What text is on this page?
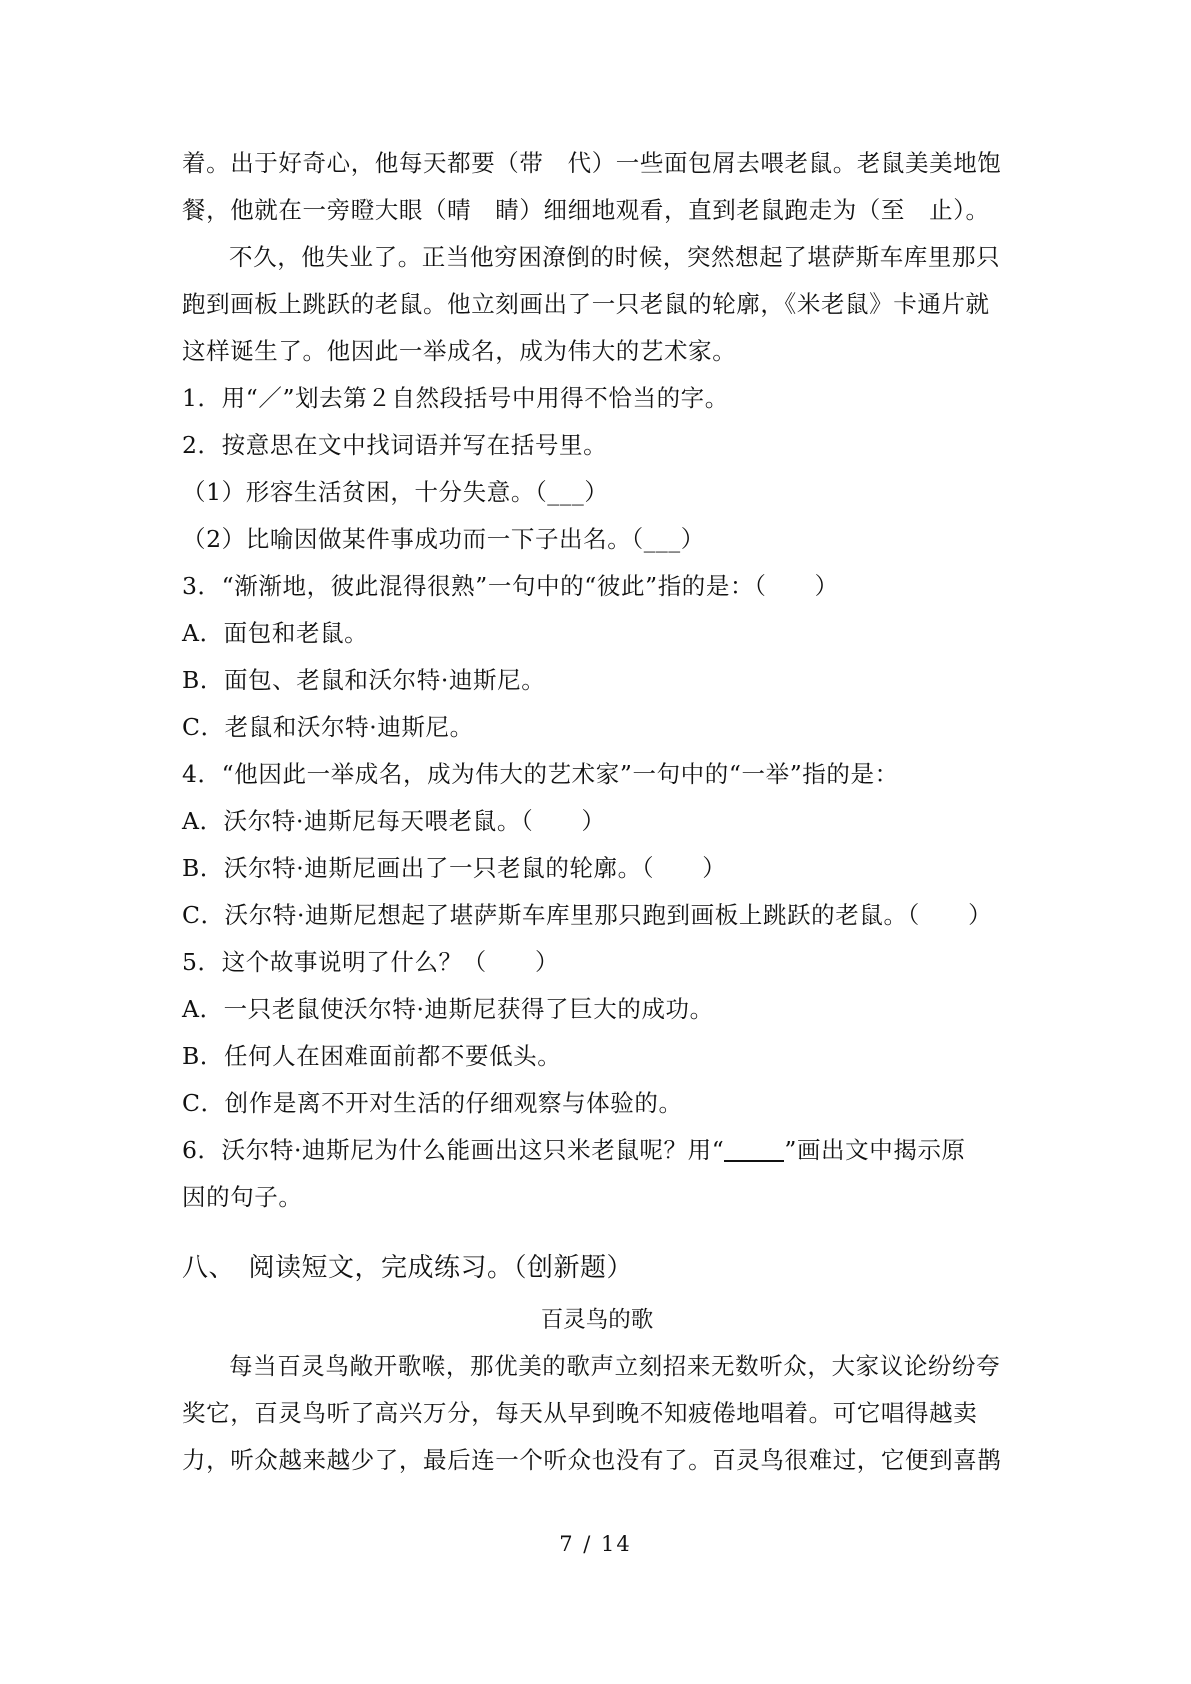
着。出于好奇心，他每天都要（带　代）一些面包屑去喂老鼠。老鼠美美地饱
餐，他就在一旁瞪大眼（晴　睛）细细地观看，直到老鼠跑走为（至　止）。
不久，他失业了。正当他穷困潦倒的时候，突然想起了堪萨斯车库里那只
跑到画板上跳跃的老鼠。他立刻画出了一只老鼠的轮廓，《米老鼠》卡通片就
这样诞生了。他因此一举成名，成为伟大的艺术家。
1．用“／”划去第２自然段括号中用得不恰当的字。
2．按意思在文中找词语并写在括号里。
（1）形容生活贫困，十分失意。（___）
（2）比喻因做某件事成功而一下子出名。（___）
3．“渐渐地，彼此混得很熟”一句中的“彼此”指的是：（　　）
A．面包和老鼠。
B．面包、老鼠和沃尔特·迪斯尼。
C．老鼠和沃尔特·迪斯尼。
4．“他因此一举成名，成为伟大的艺术家”一句中的“一举”指的是：
A．沃尔特·迪斯尼每天喂老鼠。（　　）
B．沃尔特·迪斯尼画出了一只老鼠的轮廓。（　　）
C．沃尔特·迪斯尼想起了堪萨斯车库里那只跑到画板上跳跃的老鼠。（　　）
5．这个故事说明了什么？（　　）
A．一只老鼠使沃尔特·迪斯尼获得了巨大的成功。
B．任何人在困难面前都不要低头。
C．创作是离不开对生活的仔细观察与体验的。
6．沃尔特·迪斯尼为什么能画出这只米老鼠呢？用“	”画出文中揭示原
因的句子。
八、　阅读短文，完成练习。（创新题）
百灵鸟的歌
每当百灵鸟敞开歌喉，那优美的歌声立刻招来无数听众，大家议论纷纷夸
奖它，百灵鸟听了高兴万分，每天从早到晚不知疲倦地唱着。可它唱得越卖
力，听众越来越少了，最后连一个听众也没有了。百灵鸟很难过，它便到喜鹊
7 / 14
